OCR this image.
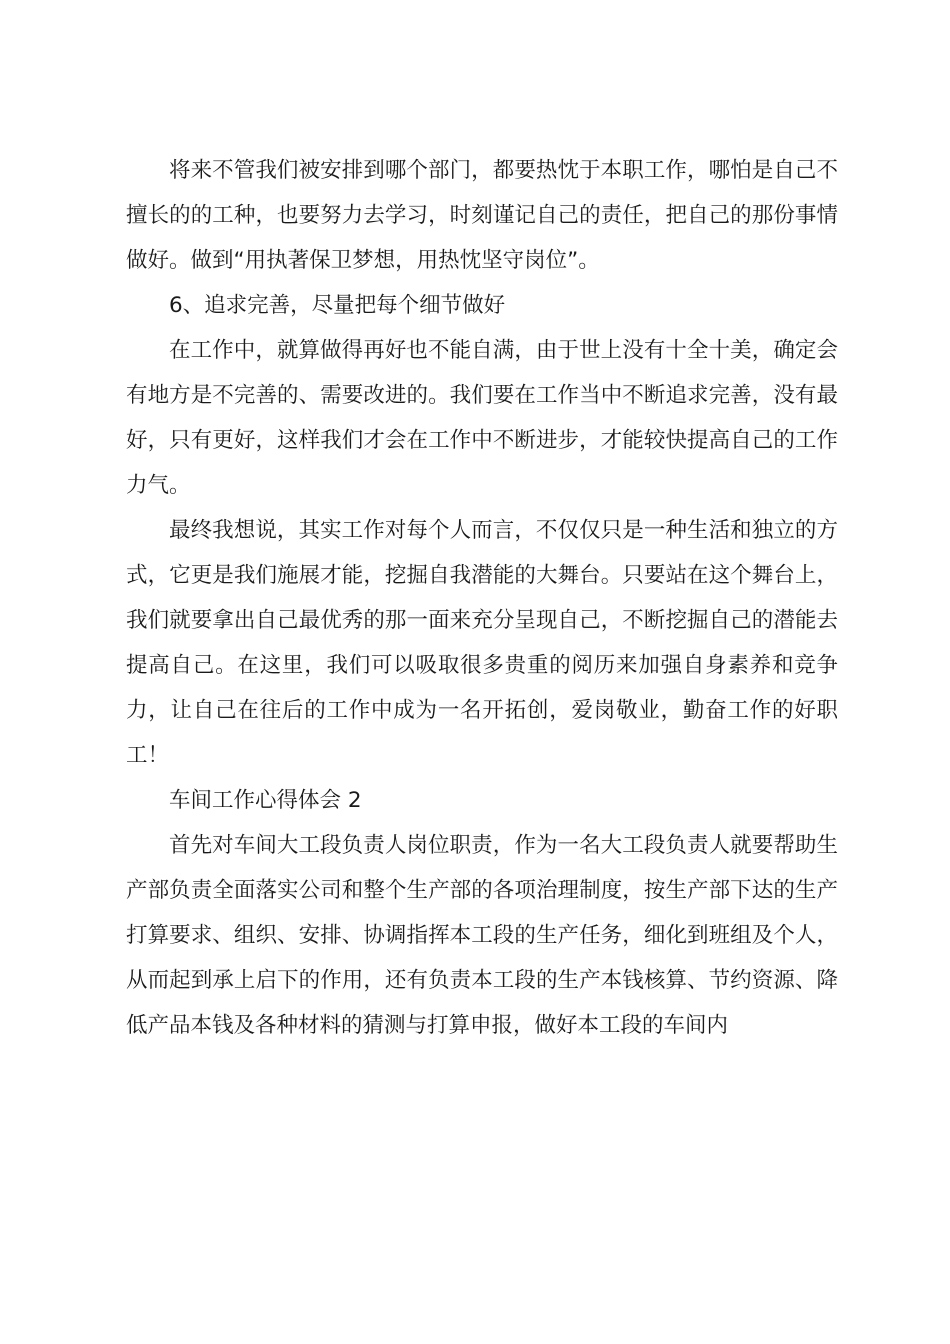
将来不管我们被安排到哪个部门，都要热忱于本职工作，哪怕是自己不擅长的的工种，也要努力去学习，时刻谨记自己的责任，把自己的那份事情做好。做到“用执著保卫梦想，用热忱坚守岗位”。

6、追求完善，尽量把每个细节做好

在工作中，就算做得再好也不能自满，由于世上没有十全十美，确定会有地方是不完善的、需要改进的。我们要在工作当中不断追求完善，没有最好，只有更好，这样我们才会在工作中不断进步，才能较快提高自己的工作力气。

最终我想说，其实工作对每个人而言，不仅仅只是一种生活和独立的方式，它更是我们施展才能，挖掘自我潜能的大舞台。只要站在这个舞台上，我们就要拿出自己最优秀的那一面来充分呈现自己，不断挖掘自己的潜能去提高自己。在这里，我们可以吸取很多贵重的阅历来加强自身素养和竞争力，让自己在往后的工作中成为一名开拓创，爱岗敬业，勤奋工作的好职工！

车间工作心得体会 2

首先对车间大工段负责人岗位职责，作为一名大工段负责人就要帮助生产部负责全面落实公司和整个生产部的各项治理制度，按生产部下达的生产打算要求、组织、安排、协调指挥本工段的生产任务，细化到班组及个人，从而起到承上启下的作用，还有负责本工段的生产本钱核算、节约资源、降低产品本钱及各种材料的猜测与打算申报，做好本工段的车间内
